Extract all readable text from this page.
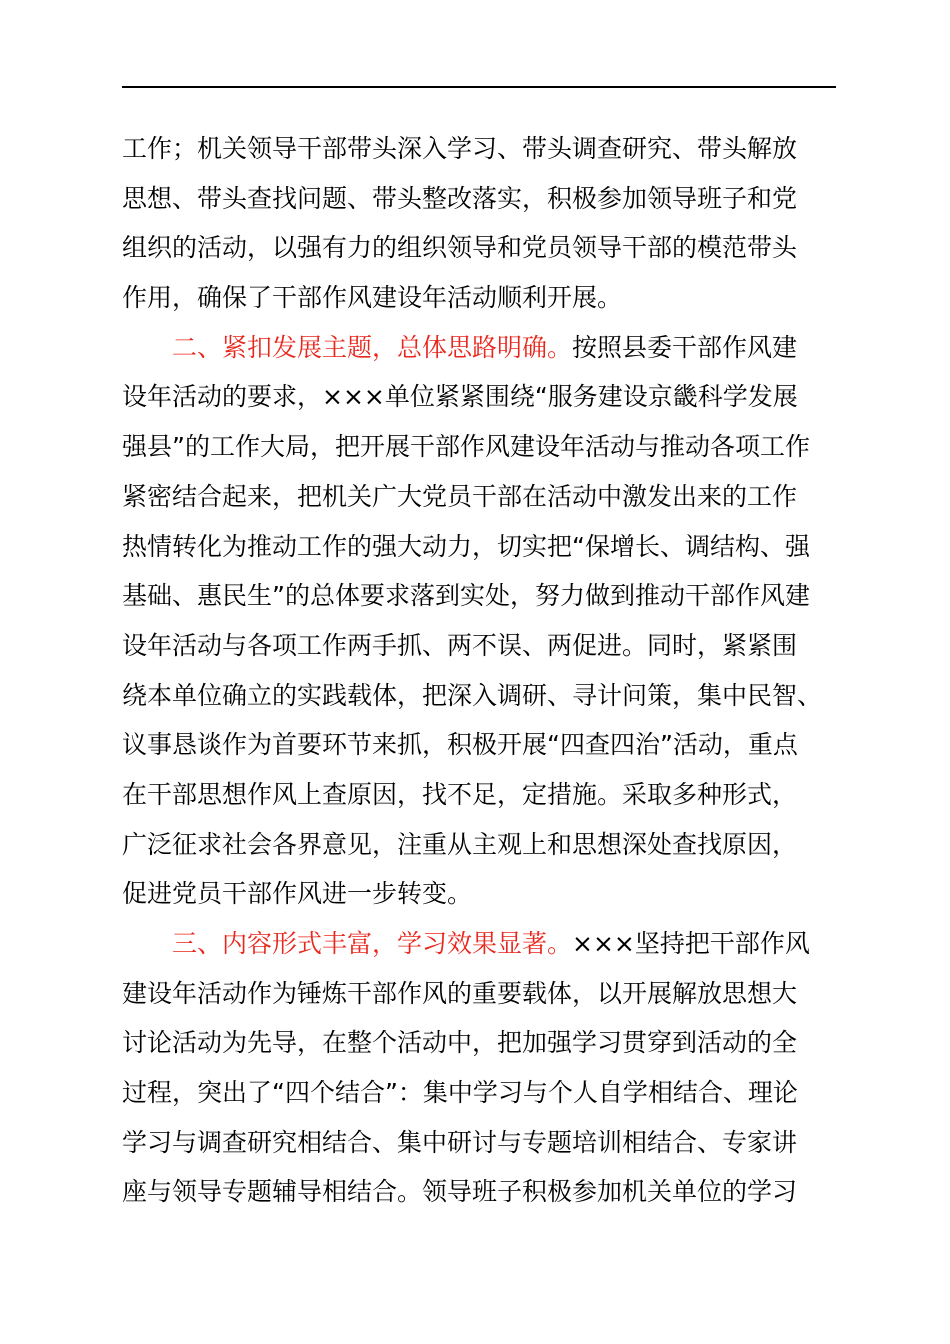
工作；机关领导干部带头深入学习、带头调查研究、带头解放
思想、带头查找问题、带头整改落实，积极参加领导班子和党
组织的活动，以强有力的组织领导和党员领导干部的模范带头
作用，确保了干部作风建设年活动顺利开展。
二、紧扣发展主题，总体思路明确。按照县委干部作风建
设年活动的要求，×××单位紧紧围绕“服务建设京畿科学发展
强县”的工作大局，把开展干部作风建设年活动与推动各项工作
紧密结合起来，把机关广大党员干部在活动中激发出来的工作
热情转化为推动工作的强大动力，切实把“保增长、调结构、强
基础、惠民生”的总体要求落到实处，努力做到推动干部作风建
设年活动与各项工作两手抓、两不误、两促进。同时，紧紧围
绕本单位确立的实践载体，把深入调研、寻计问策，集中民智、
议事恳谈作为首要环节来抓，积极开展“四查四治”活动，重点
在干部思想作风上查原因，找不足，定措施。采取多种形式，
广泛征求社会各界意见，注重从主观上和思想深处查找原因，
促进党员干部作风进一步转变。
三、内容形式丰富，学习效果显著。×××坚持把干部作风
建设年活动作为锤炼干部作风的重要载体，以开展解放思想大
讨论活动为先导，在整个活动中，把加强学习贯穿到活动的全
过程，突出了“四个结合”：集中学习与个人自学相结合、理论
学习与调查研究相结合、集中研讨与专题培训相结合、专家讲
座与领导专题辅导相结合。领导班子积极参加机关单位的学习
